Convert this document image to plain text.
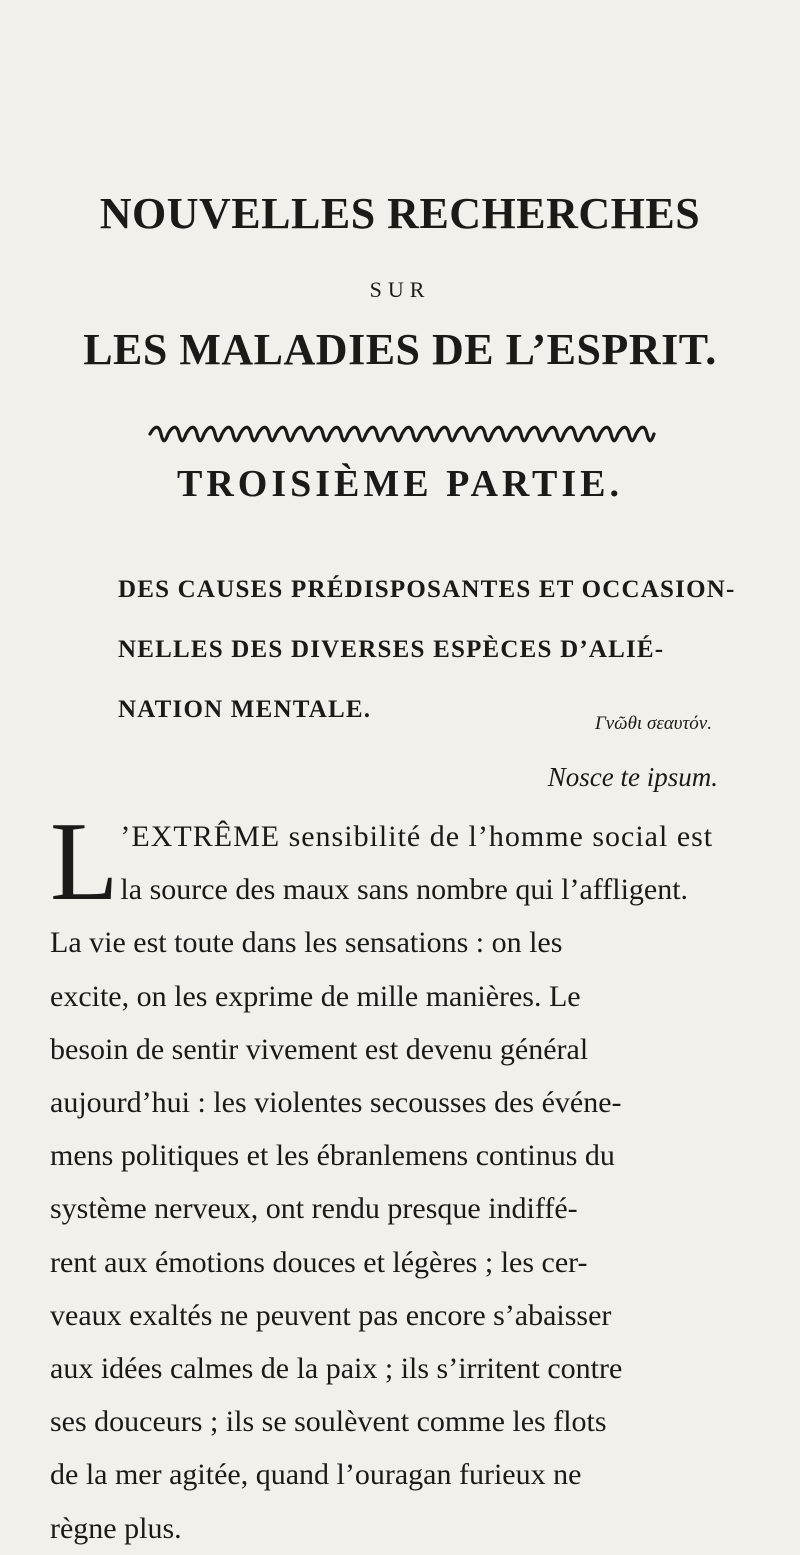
NOUVELLES RECHERCHES
SUR
LES MALADIES DE L’ESPRIT.
TROISIÈME PARTIE.
DES CAUSES PRÉDISPOSANTES ET OCCASION-
NELLES DES DIVERSES ESPÈCES D’ALIÉ-
NATION MENTALE.
Γνῶθι σεαυτόν.
Nosce te ipsum.
L ’EXTRÊME sensibilité de l’homme social est
la source des maux sans nombre qui l’affligent.
La vie est toute dans les sensations : on les
excite, on les exprime de mille manières. Le
besoin de sentir vivement est devenu général
aujourd’hui : les violentes secousses des événe-
mens politiques et les ébranlemens continus du
système nerveux, ont rendu presque indiffé-
rent aux émotions douces et légères ; les cer-
veaux exaltés ne peuvent pas encore s’abaisser
aux idées calmes de la paix ; ils s’irritent contre
ses douceurs ; ils se soulèvent comme les flots
de la mer agitée, quand l’ouragan furieux ne
règne plus.
